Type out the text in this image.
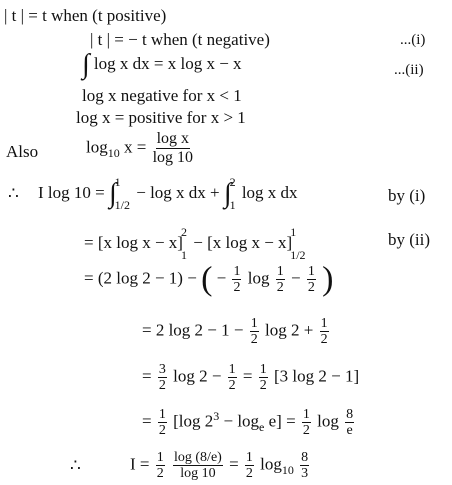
| t | = t when (t positive)
| t | = − t when (t negative)	...(i)
∫ log x dx = x log x − x	...(ii)
log x negative for x < 1
log x = positive for x > 1
Also	$\log_{10} x = \frac{\text{log x}}{\log 10}$
∴ I log 10 = ∫
1
1/2
− log x dx + ∫
2
1
log x dx	by (i)
= [x log x − x]
2
1
− [x log x − x]
1
1/2
by (ii)
= (2 log 2 − 1) − ( − $\frac{1}{2}$ $\log \frac{1}{2} - \frac{1}{2}$ )
= 2 $\log 2 - 1 - \frac{1}{2}$ $\log 2 + \frac{1}{2}$
= $\frac{3}{2}$ $\log 2 - \frac{1}{2} = \frac{1}{2} [3$ log 2 − 1]
= $\frac{1}{2} [\log$ $2^3 - \log_e e] = \frac{1}{2}$ $\log \frac{8}{e}$
∴	$I = \frac{1}{2}$
$\frac{\log (8/e)}{\log 10} = \frac{1}{2} \log_{10} \frac{8}{3}$
